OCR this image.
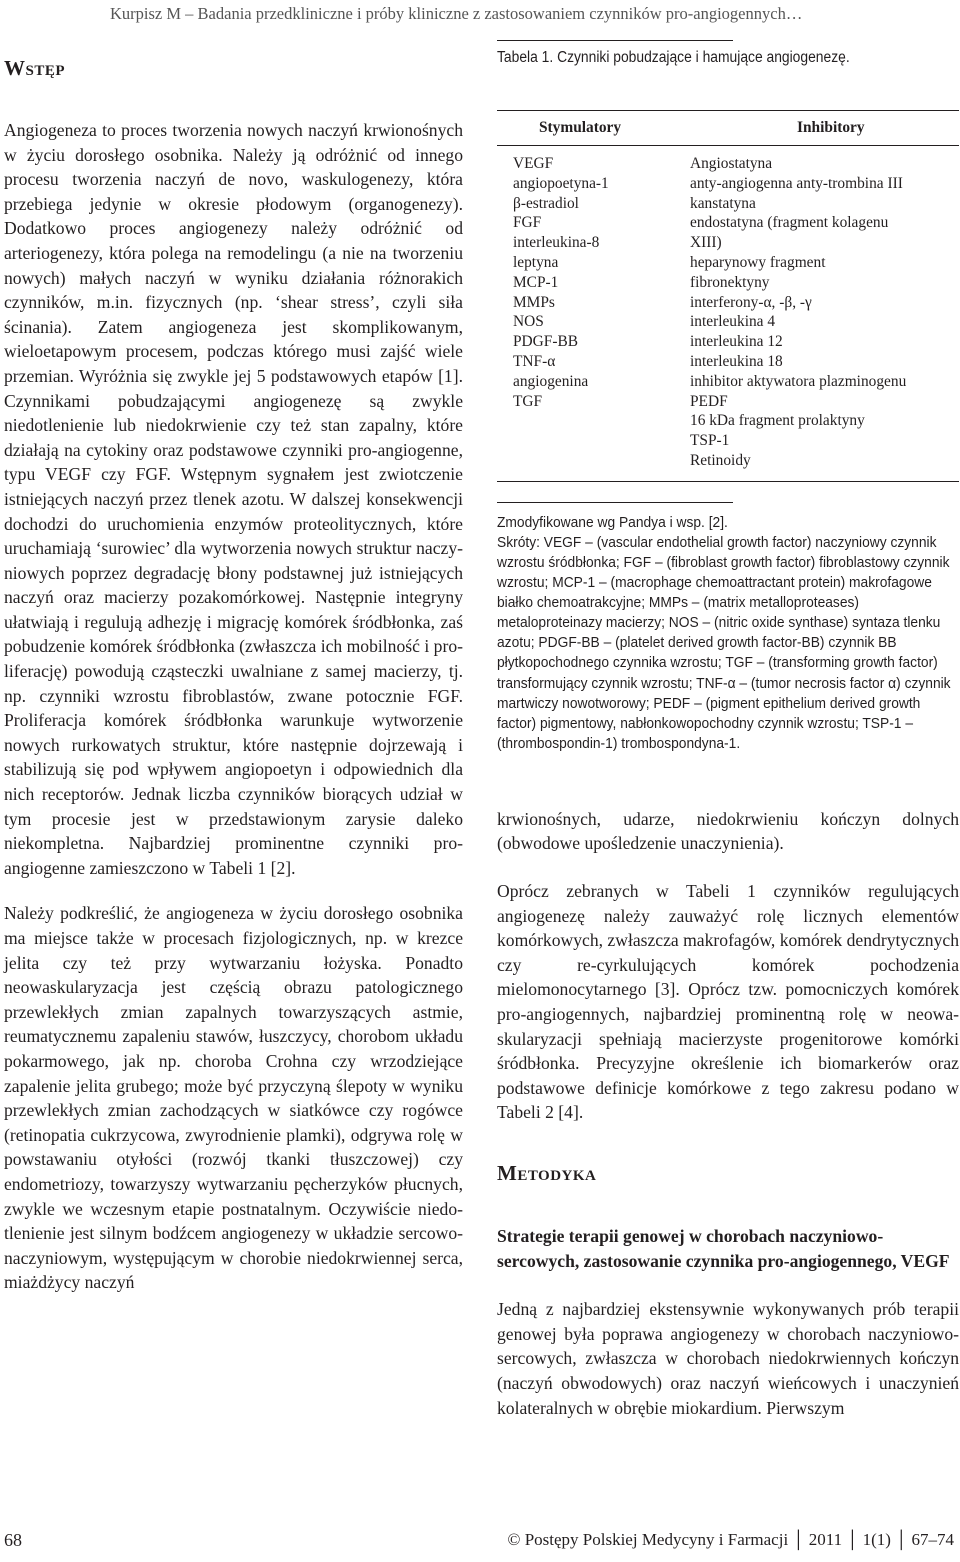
Kurpisz M – Badania przedkliniczne i próby kliniczne z zastosowaniem czynników pro-angiogennych…
Wstęp

Angiogeneza to proces tworzenia nowych naczyń krwionośnych w życiu dorosłego osobnika. Należy ją odróżnić od innego procesu tworzenia naczyń de novo, waskulogenezy, która przebiega jedynie w okresie płodowym (organogenezy). Dodatkowo proces angiogenezy należy odróżnić od arteriogenezy, która polega na remodelingu (a nie na tworzeniu nowych) małych naczyń w wyniku działania różnorakich czynników, m.in. fizycznych (np. ‘shear stress’, czyli siła ścinania). Zatem angiogeneza jest skomplikowanym, wieloetapowym procesem, podczas którego musi zajść wiele przemian. Wyróżnia się zwykle jej 5 podstawowych etapów [1]. Czynnikami pobudzającymi angiogenezę są zwykle niedotlenienie lub niedokrwienie czy też stan zapalny, które działają na cytokiny oraz podstawowe czynniki pro-angiogenne, typu VEGF czy FGF. Wstępnym sygnałem jest zwiotczenie istniejących naczyń przez tlenek azotu. W dalszej konsekwencji dochodzi do uruchomienia enzymów proteolitycznych, które uruchamiają ‘surowiec’ dla wytworzenia nowych struktur naczyniowych poprzez degradację błony podstawnej już istniejących naczyń oraz macierzy pozakomórkowej. Następnie integryny ułatwiają i regulują adhezję i migrację komórek śródbłonka, zaś pobudzenie komórek śródbłonka (zwłaszcza ich mobilność i proliferację) powodują cząsteczki uwalniane z samej macierzy, tj. np. czynniki wzrostu fibroblastów, zwane potocznie FGF. Proliferacja komórek śródbłonka warunkuje wytworzenie nowych rurkowatych struktur, które następnie dojrzewają i stabilizują się pod wpływem angiopoetyn i odpowiednich dla nich receptorów. Jednak liczba czynników biorących udział w tym procesie jest w przedstawionym zarysie daleko niekompletna. Najbardziej prominentne czynniki pro-angiogenne zamieszczono w Tabeli 1 [2].

Należy podkreślić, że angiogeneza w życiu dorosłego osobnika ma miejsce także w procesach fizjologicznych, np. w krezce jelita czy też przy wytwarzaniu łożyska. Ponadto neowaskularyzacja jest częścią obrazu patologicznego przewlekłych zmian zapalnych towarzyszących astmie, reumatycznemu zapaleniu stawów, łuszczycy, chorobom układu pokarmowego, jak np. choroba Crohna czy wrzodziejące zapalenie jelita grubego; może być przyczyną ślepoty w wyniku przewlekłych zmian zachodzących w siatkówce czy rogówce (retinopatia cukrzycowa, zwyrodnienie plamki), odgrywa rolę w powstawaniu otyłości (rozwój tkanki tłuszczowej) czy endometriozy, towarzyszy wytwarzaniu pęcherzyków płucnych, zwykle we wczesnym etapie postnatalnym. Oczywiście niedotlenienie jest silnym bodźcem angiogenezy w układzie sercowo-naczyniowym, występującym w chorobie niedokrwiennej serca, miażdżycy naczyń

Tabela 1. Czynniki pobudzające i hamujące angiogenezę.

Stymulatory	Inhibitory
VEGF
angiopoetyna-1
β-estradiol
FGF
interleukina-8
leptyna
MCP-1
MMPs
NOS
PDGF-BB
TNF-α
angiogenina
TGF
Angiostatyna
anty-angiogenna anty-trombina III
kanstatyna
endostatyna (fragment kolagenu
XIII)
heparynowy fragment
fibronektyny
interferony-α, -β, -γ
interleukina 4
interleukina 12
interleukina 18
inhibitor aktywatora plazminogenu
PEDF
16 kDa fragment prolaktyny
TSP-1
Retinoidy

Zmodyfikowane wg Pandya i wsp. [2].

Skróty: VEGF – (vascular endothelial growth factor) naczyniowy czynnik wzrostu śródbłonka; FGF – (fibroblast growth factor) fibroblastowy czynnik wzrostu; MCP-1 – (macrophage chemoattractant protein) makrofagowe białko chemoatrakcyjne; MMPs – (matrix metalloproteases) metaloproteinazy macierzy; NOS – (nitric oxide synthase) syntaza tlenku azotu; PDGF-BB – (platelet derived growth factor-BB) czynnik BB płytkopochodnego czynnika wzrostu; TGF – (transforming growth factor) transformujący czynnik wzrostu; TNF-α – (tumor necrosis factor α) czynnik martwiczy nowotworowy; PEDF – (pigment epithelium derived growth factor) pigmentowy, nabłonkowopochodny czynnik wzrostu; TSP-1 – (thrombospondin-1) trombospondyna-1.

krwionośnych, udarze, niedokrwieniu kończyn dolnych (obwodowe upośledzenie unaczynienia).

Oprócz zebranych w Tabeli 1 czynników regulujących angiogenezę należy zauważyć rolę licznych elementów komórkowych, zwłaszcza makrofagów, komórek dendrytycznych czy re-cyrkulujących komórek pochodzenia mielomonocytarnego [3]. Oprócz tzw. pomocniczych komórek pro-angiogennych, najbardziej prominentną rolę w neowaskularyzacji spełniają macierzyste progenitorowe komórki śródbłonka. Precyzyjne określenie ich biomarkerów oraz podstawowe definicje komórkowe z tego zakresu podano w Tabeli 2 [4].

Metodyka

Strategie terapii genowej w chorobach naczyniowo-sercowych, zastosowanie czynnika pro-angiogennego, VEGF

Jedną z najbardziej ekstensywnie wykonywanych prób terapii genowej była poprawa angiogenezy w chorobach naczyniowo-sercowych, zwłaszcza w chorobach niedokrwiennych kończyn (naczyń obwodowych) oraz naczyń wieńcowych i unaczynień kolateralnych w obrębie miokardium. Pierwszym

68	© Postępy Polskiej Medycyny i Farmacji │ 2011 │ 1(1) │ 67–74
